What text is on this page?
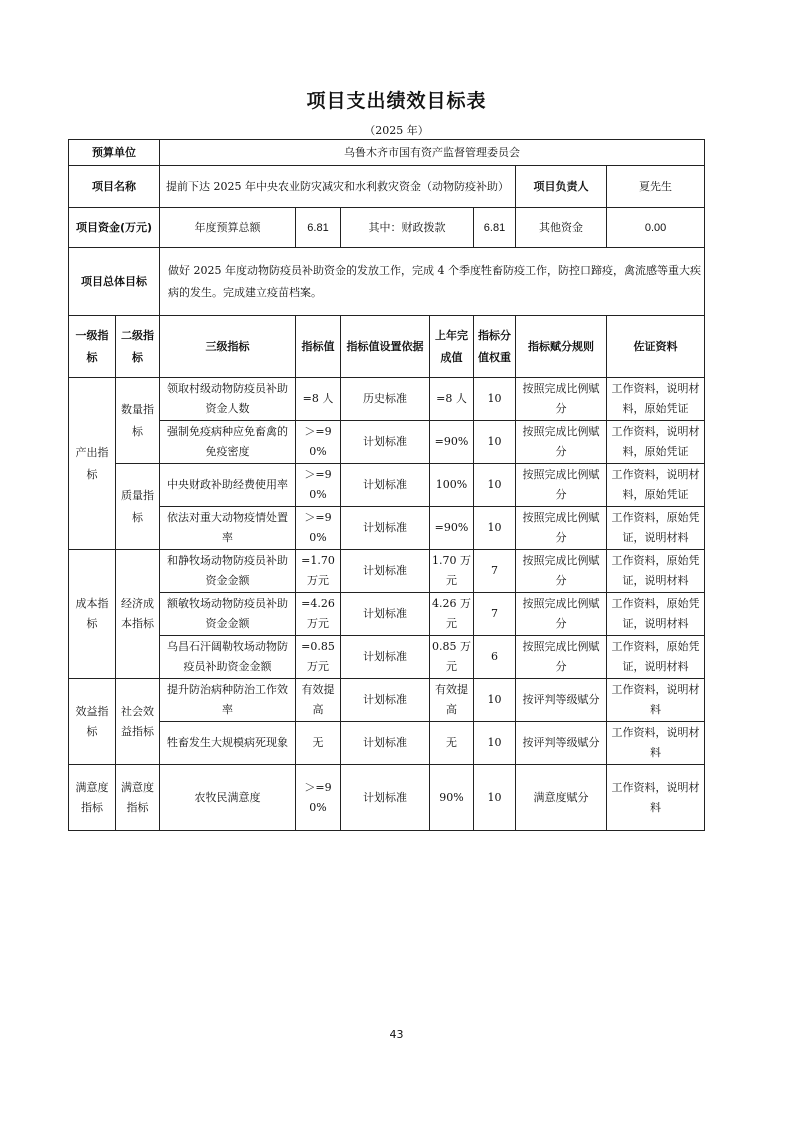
项目支出绩效目标表
（2025 年）
预算单位		乌鲁木齐市国有资产监督管理委员会						
项目名称		提前下达 2025 年中央农业防灾减灾和水利救灾资金（动物防疫补助）					项目负责人	夏先生
项目资金(万元)		年度预算总额	6.81	其中：财政拨款		6.81	其他资金	0.00
项目总体目标		做好 2025 年度动物防疫员补助资金的发放工作，完成 4 个季度牲畜防疫工作，防控口蹄疫，禽流感等重大疾病的发生。完成建立疫苗档案。						
一级指标	二级指标	三级指标	指标值	指标值设置依据	上年完成值	指标分值权重	指标赋分规则	佐证资料
产出指标	数量指标	领取村级动物防疫员补助资金人数	=8 人	历史标准	=8 人	10	按照完成比例赋分	工作资料，说明材料，原始凭证
		强制免疫病种应免畜禽的免疫密度	＞=90%	计划标准	=90%	10	按照完成比例赋分	工作资料，说明材料，原始凭证
	质量指标	中央财政补助经费使用率	＞=90%	计划标准	100%	10	按照完成比例赋分	工作资料，说明材料，原始凭证
		依法对重大动物疫情处置率	＞=90%	计划标准	=90%	10	按照完成比例赋分	工作资料，原始凭证，说明材料
成本指标	经济成本指标	和静牧场动物防疫员补助资金金额	=1.70 万元	计划标准	1.70 万元	7	按照完成比例赋分	工作资料，原始凭证，说明材料
		额敏牧场动物防疫员补助资金金额	=4.26 万元	计划标准	4.26 万元	7	按照完成比例赋分	工作资料，原始凭证，说明材料
		乌昌石汗阔勒牧场动物防疫员补助资金金额	=0.85 万元	计划标准	0.85 万元	6	按照完成比例赋分	工作资料，原始凭证，说明材料
效益指标	社会效益指标	提升防治病种防治工作效率	有效提高	计划标准	有效提高	10	按评判等级赋分	工作资料，说明材料
		牲畜发生大规模病死现象	无	计划标准	无	10	按评判等级赋分	工作资料，说明材料
满意度指标	满意度指标	农牧民满意度	＞=90%	计划标准	90%	10	满意度赋分	工作资料，说明材料
43
